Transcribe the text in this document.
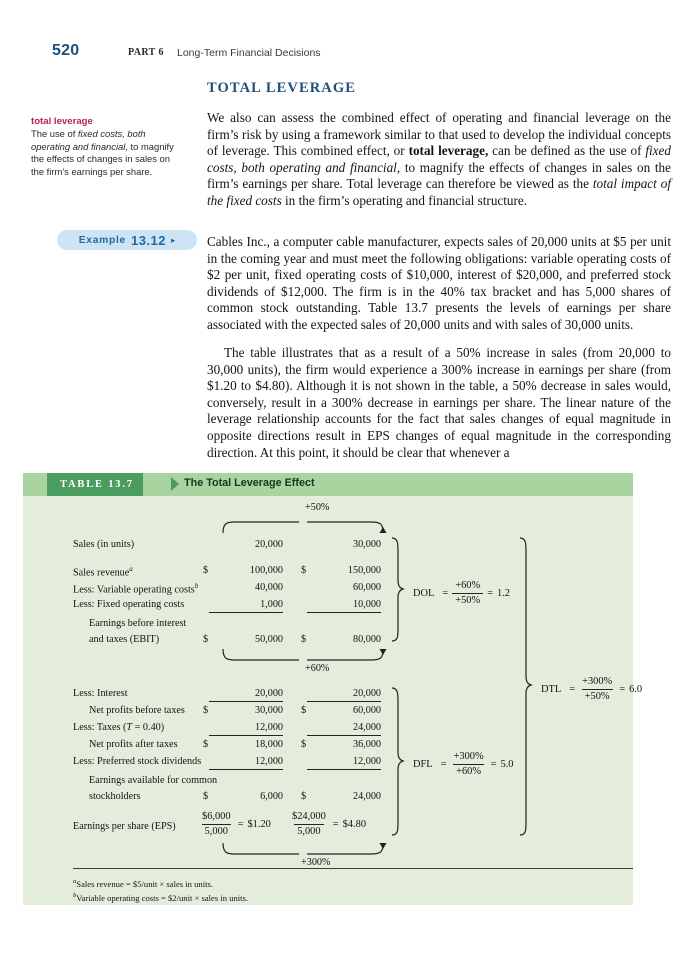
520	PART 6 Long-Term Financial Decisions
TOTAL LEVERAGE
total leverage
The use of fixed costs, both operating and financial, to magnify the effects of changes in sales on the firm’s earnings per share.
We also can assess the combined effect of operating and financial leverage on the firm’s risk by using a framework similar to that used to develop the individual concepts of leverage. This combined effect, or total leverage, can be defined as the use of fixed costs, both operating and financial, to magnify the effects of changes in sales on the firm’s earnings per share. Total leverage can therefore be viewed as the total impact of the fixed costs in the firm’s operating and financial structure.
Example 13.12 ▸ Cables Inc., a computer cable manufacturer, expects sales of 20,000 units at $5 per unit in the coming year and must meet the following obligations: variable operating costs of $2 per unit, fixed operating costs of $10,000, interest of $20,000, and preferred stock dividends of $12,000. The firm is in the 40% tax bracket and has 5,000 shares of common stock outstanding. Table 13.7 presents the levels of earnings per share associated with the expected sales of 20,000 units and with sales of 30,000 units.
The table illustrates that as a result of a 50% increase in sales (from 20,000 to 30,000 units), the firm would experience a 300% increase in earnings per share (from $1.20 to $4.80). Although it is not shown in the table, a 50% decrease in sales would, conversely, result in a 300% decrease in earnings per share. The linear nature of the leverage relationship accounts for the fact that sales changes of equal magnitude in opposite directions result in EPS changes of equal magnitude in the corresponding direction. At this point, it should be clear that whenever a
TABLE 13.7	The Total Leverage Effect
+50%
Sales (in units)	20,000	30,000
Sales revenue$^a$	$	100,000 $	150,000
Less: Variable operating costs$^b$	40,000	60,000
Less: Fixed operating costs	1,000	10,000
Earnings before interest
and taxes (EBIT)	$	50,000 $	80,000
+60%
Less: Interest	20,000	20,000
Net profits before taxes $	30,000 $	60,000
Less: Taxes (T = 0.40)	12,000	24,000
Net profits after taxes $	18,000 $	36,000
Less: Preferred stock dividends	12,000	12,000
Earnings available for common
stockholders	$	6,000 $	24,000
Earnings per share $(EPS) \frac{\$6,000}{5,000}$ = $1.20 $\frac{\$24,000}{5,000}$ = $4.80
+300%
DOL = $\frac{+60\%}{+50\%} = 1.2$
DFL = $\frac{+300\%}{+60\%} = 5.0$
DTL = $\frac{+300\%}{+50\%} = 6.0$
$^a$Sales revenue = $5/unit × sales in units.
$^b$Variable operating costs = $2/unit × sales in units.
